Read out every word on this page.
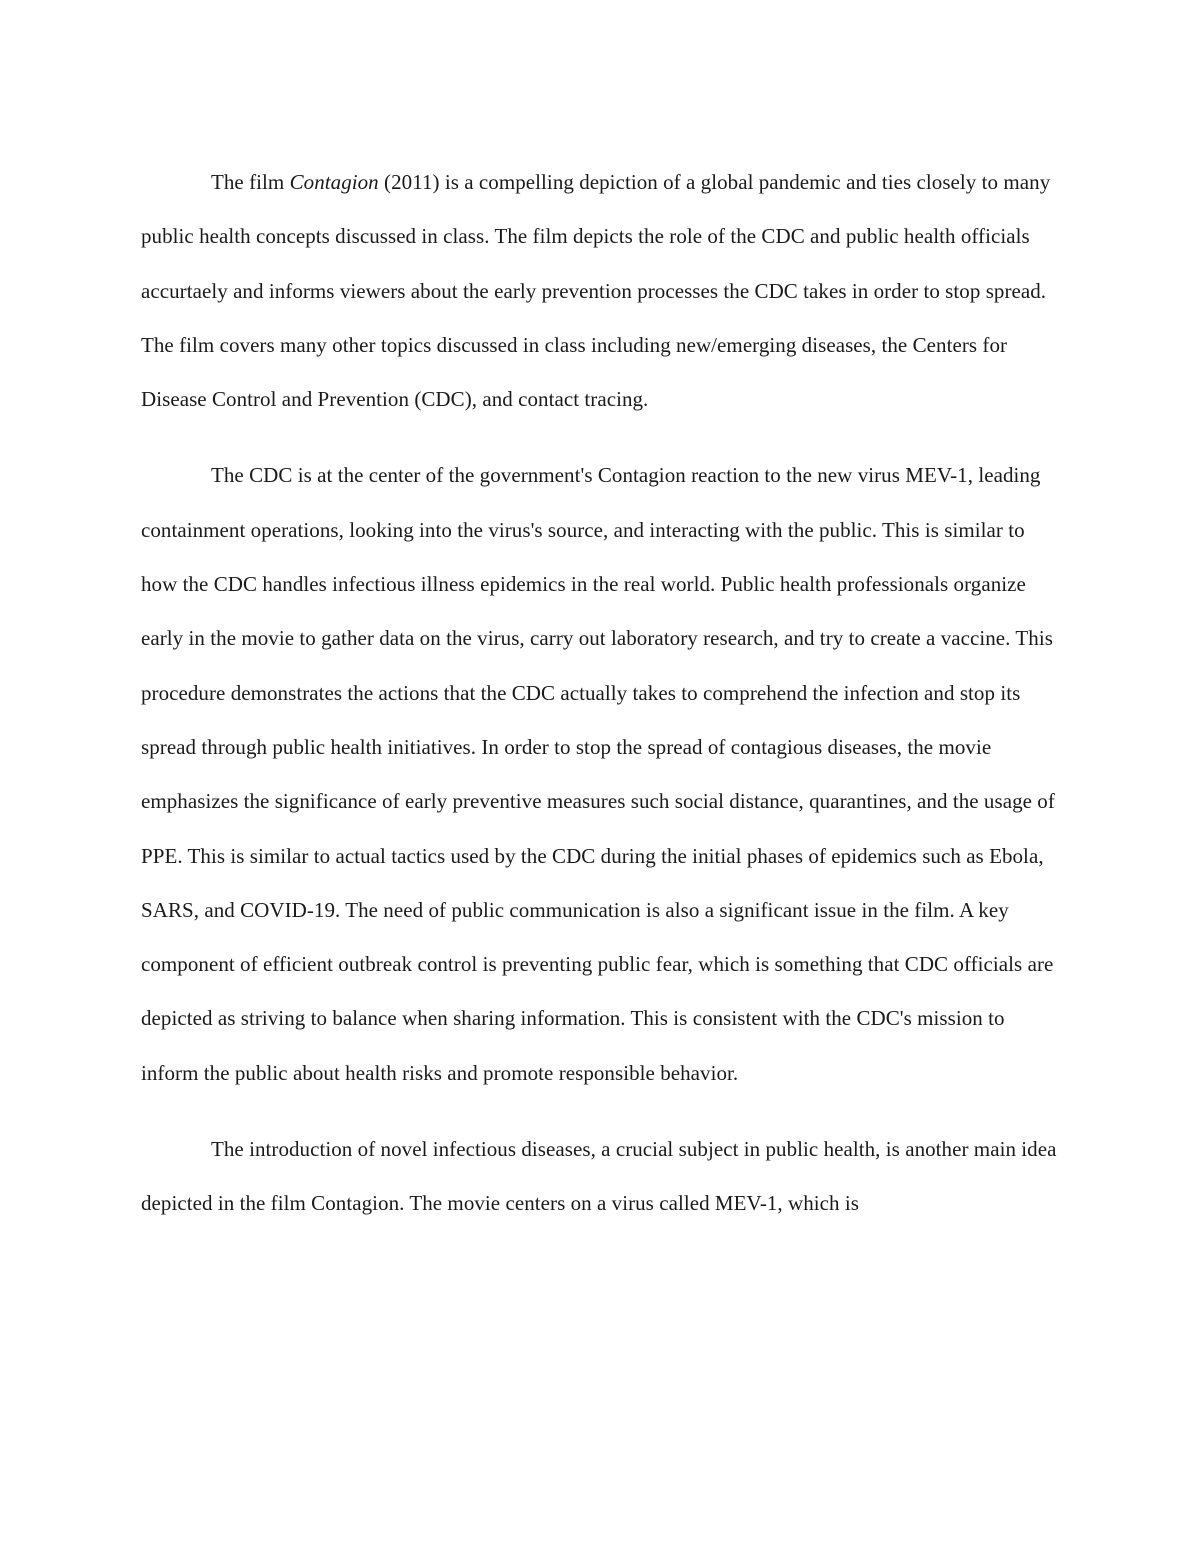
The film Contagion (2011) is a compelling depiction of a global pandemic and ties closely to many public health concepts discussed in class. The film depicts the role of the CDC and public health officials accurtaely and informs viewers about the early prevention processes the CDC takes in order to stop spread. The film covers many other topics discussed in class including new/emerging diseases, the Centers for Disease Control and Prevention (CDC), and contact tracing.

The CDC is at the center of the government's Contagion reaction to the new virus MEV-1, leading containment operations, looking into the virus's source, and interacting with the public. This is similar to how the CDC handles infectious illness epidemics in the real world. Public health professionals organize early in the movie to gather data on the virus, carry out laboratory research, and try to create a vaccine. This procedure demonstrates the actions that the CDC actually takes to comprehend the infection and stop its spread through public health initiatives. In order to stop the spread of contagious diseases, the movie emphasizes the significance of early preventive measures such social distance, quarantines, and the usage of PPE. This is similar to actual tactics used by the CDC during the initial phases of epidemics such as Ebola, SARS, and COVID-19. The need of public communication is also a significant issue in the film. A key component of efficient outbreak control is preventing public fear, which is something that CDC officials are depicted as striving to balance when sharing information. This is consistent with the CDC's mission to inform the public about health risks and promote responsible behavior.

The introduction of novel infectious diseases, a crucial subject in public health, is another main idea depicted in the film Contagion. The movie centers on a virus called MEV-1, which is
